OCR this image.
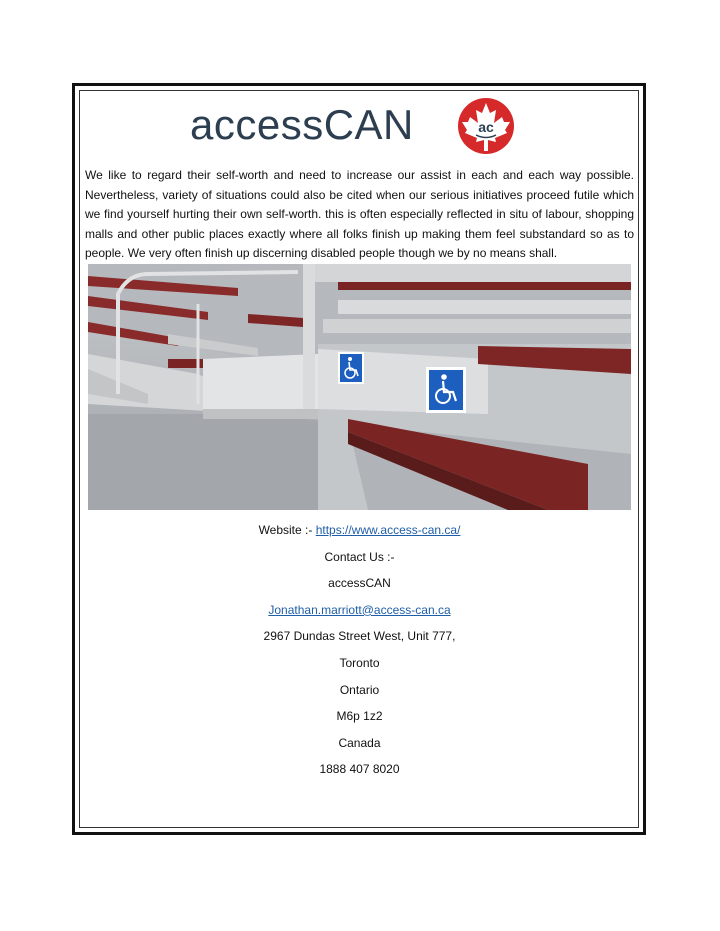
accessCAN	ac

We like to regard their self-worth and need to increase our assist in each and each way possible. Nevertheless, variety of situations could also be cited when our serious initiatives proceed futile which we find yourself hurting their own self-worth. this is often especially reflected in situ of labour, shopping malls and other public places exactly where all folks finish up making them feel substandard so as to people. We very often finish up discerning disabled people though we by no means shall.

Website :- https://www.access-can.ca/

Contact Us :-

accessCAN

Jonathan.marriott@access-can.ca

2967 Dundas Street West, Unit 777,

Toronto

Ontario

M6p 1z2

Canada

1888 407 8020
